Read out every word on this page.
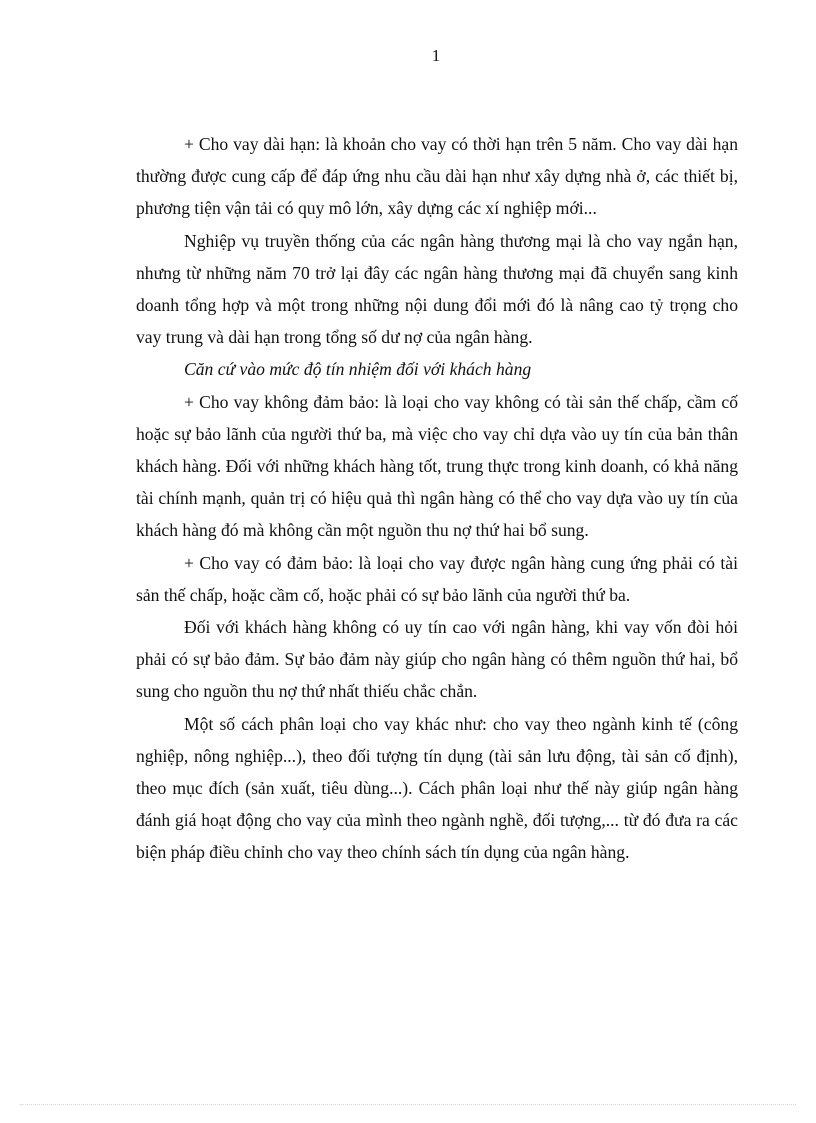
1

+ Cho vay dài hạn: là khoản cho vay có thời hạn trên 5 năm. Cho vay dài hạn thường được cung cấp để đáp ứng nhu cầu dài hạn như xây dựng nhà ở, các thiết bị, phương tiện vận tải có quy mô lớn, xây dựng các xí nghiệp mới...

Nghiệp vụ truyền thống của các ngân hàng thương mại là cho vay ngắn hạn, nhưng từ những năm 70 trở lại đây các ngân hàng thương mại đã chuyển sang kinh doanh tổng hợp và một trong những nội dung đổi mới đó là nâng cao tỷ trọng cho vay trung và dài hạn trong tổng số dư nợ của ngân hàng.

Căn cứ vào mức độ tín nhiệm đối với khách hàng

+ Cho vay không đảm bảo: là loại cho vay không có tài sản thế chấp, cầm cố hoặc sự bảo lãnh của người thứ ba, mà việc cho vay chỉ dựa vào uy tín của bản thân khách hàng. Đối với những khách hàng tốt, trung thực trong kinh doanh, có khả năng tài chính mạnh, quản trị có hiệu quả thì ngân hàng có thể cho vay dựa vào uy tín của khách hàng đó mà không cần một nguồn thu nợ thứ hai bổ sung.

+ Cho vay có đảm bảo: là loại cho vay được ngân hàng cung ứng phải có tài sản thế chấp, hoặc cầm cố, hoặc phải có sự bảo lãnh của người thứ ba.

Đối với khách hàng không có uy tín cao với ngân hàng, khi vay vốn đòi hỏi phải có sự bảo đảm. Sự bảo đảm này giúp cho ngân hàng có thêm nguồn thứ hai, bổ sung cho nguồn thu nợ thứ nhất thiếu chắc chắn.

Một số cách phân loại cho vay khác như: cho vay theo ngành kinh tế (công nghiệp, nông nghiệp...), theo đối tượng tín dụng (tài sản lưu động, tài sản cố định), theo mục đích (sản xuất, tiêu dùng...). Cách phân loại như thế này giúp ngân hàng đánh giá hoạt động cho vay của mình theo ngành nghề, đối tượng,... từ đó đưa ra các biện pháp điều chỉnh cho vay theo chính sách tín dụng của ngân hàng.
